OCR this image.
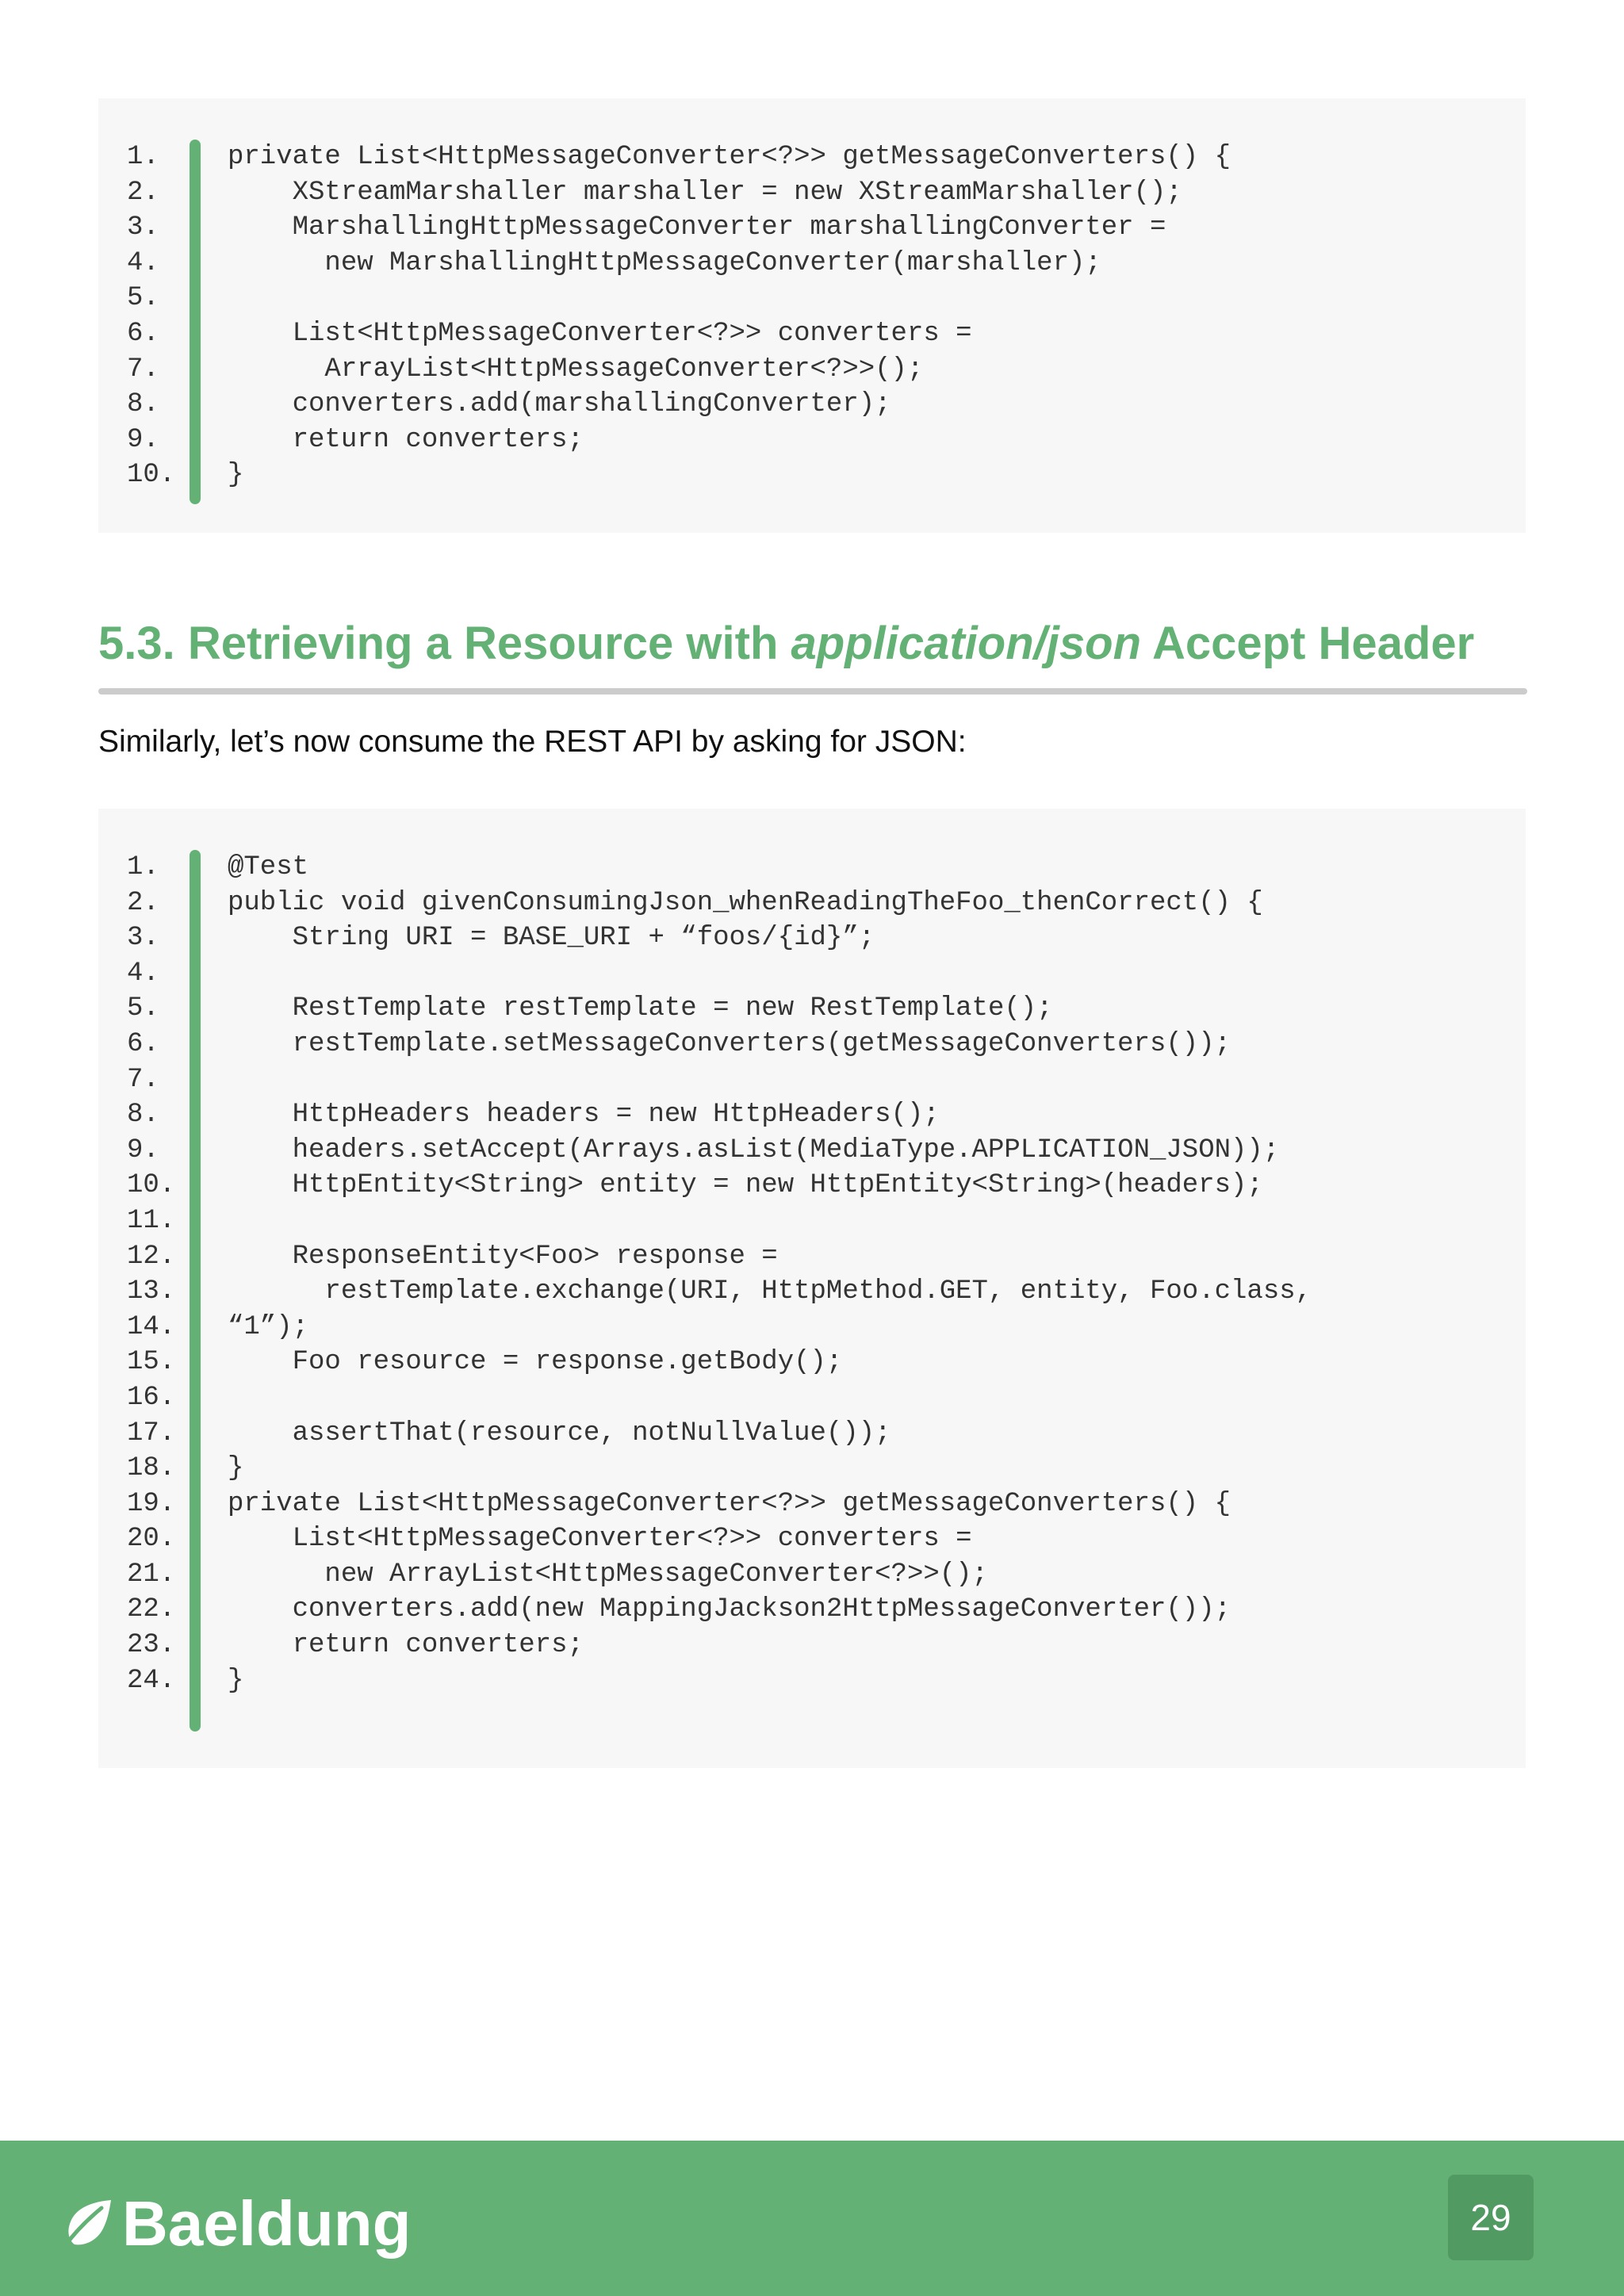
1.	private List<HttpMessageConverter<?>> getMessageConverters() {
2.	XStreamMarshaller marshaller = new XStreamMarshaller();
3.	MarshallingHttpMessageConverter marshallingConverter =
4.	new MarshallingHttpMessageConverter(marshaller);
5.
6.	List<HttpMessageConverter<?>> converters =
7.	ArrayList<HttpMessageConverter<?>>();
8.	converters.add(marshallingConverter);
9.	return converters;
10.	}
5.3. Retrieving a Resource with application/json Accept Header

Similarly, let’s now consume the REST API by asking for JSON:

1.	@Test
2.	public void givenConsumingJson_whenReadingTheFoo_thenCorrect() {
3.	String URI = BASE_URI + “foos/{id}”;
4.
5.	RestTemplate restTemplate = new RestTemplate();
6.	restTemplate.setMessageConverters(getMessageConverters());
7.
8.	HttpHeaders headers = new HttpHeaders();
9.	headers.setAccept(Arrays.asList(MediaType.APPLICATION_JSON));
10.	HttpEntity<String> entity = new HttpEntity<String>(headers);
11.
12.	ResponseEntity<Foo> response =
13.	restTemplate.exchange(URI, HttpMethod.GET, entity, Foo.class,
14.	“1”);
15.	Foo resource = response.getBody();
16.
17.	assertThat(resource, notNullValue());
18.	}
19.	private List<HttpMessageConverter<?>> getMessageConverters() {
20.	List<HttpMessageConverter<?>> converters =
21.	new ArrayList<HttpMessageConverter<?>>();
22.	converters.add(new MappingJackson2HttpMessageConverter());
23.	return converters;
24.	}
Baeldung	29
